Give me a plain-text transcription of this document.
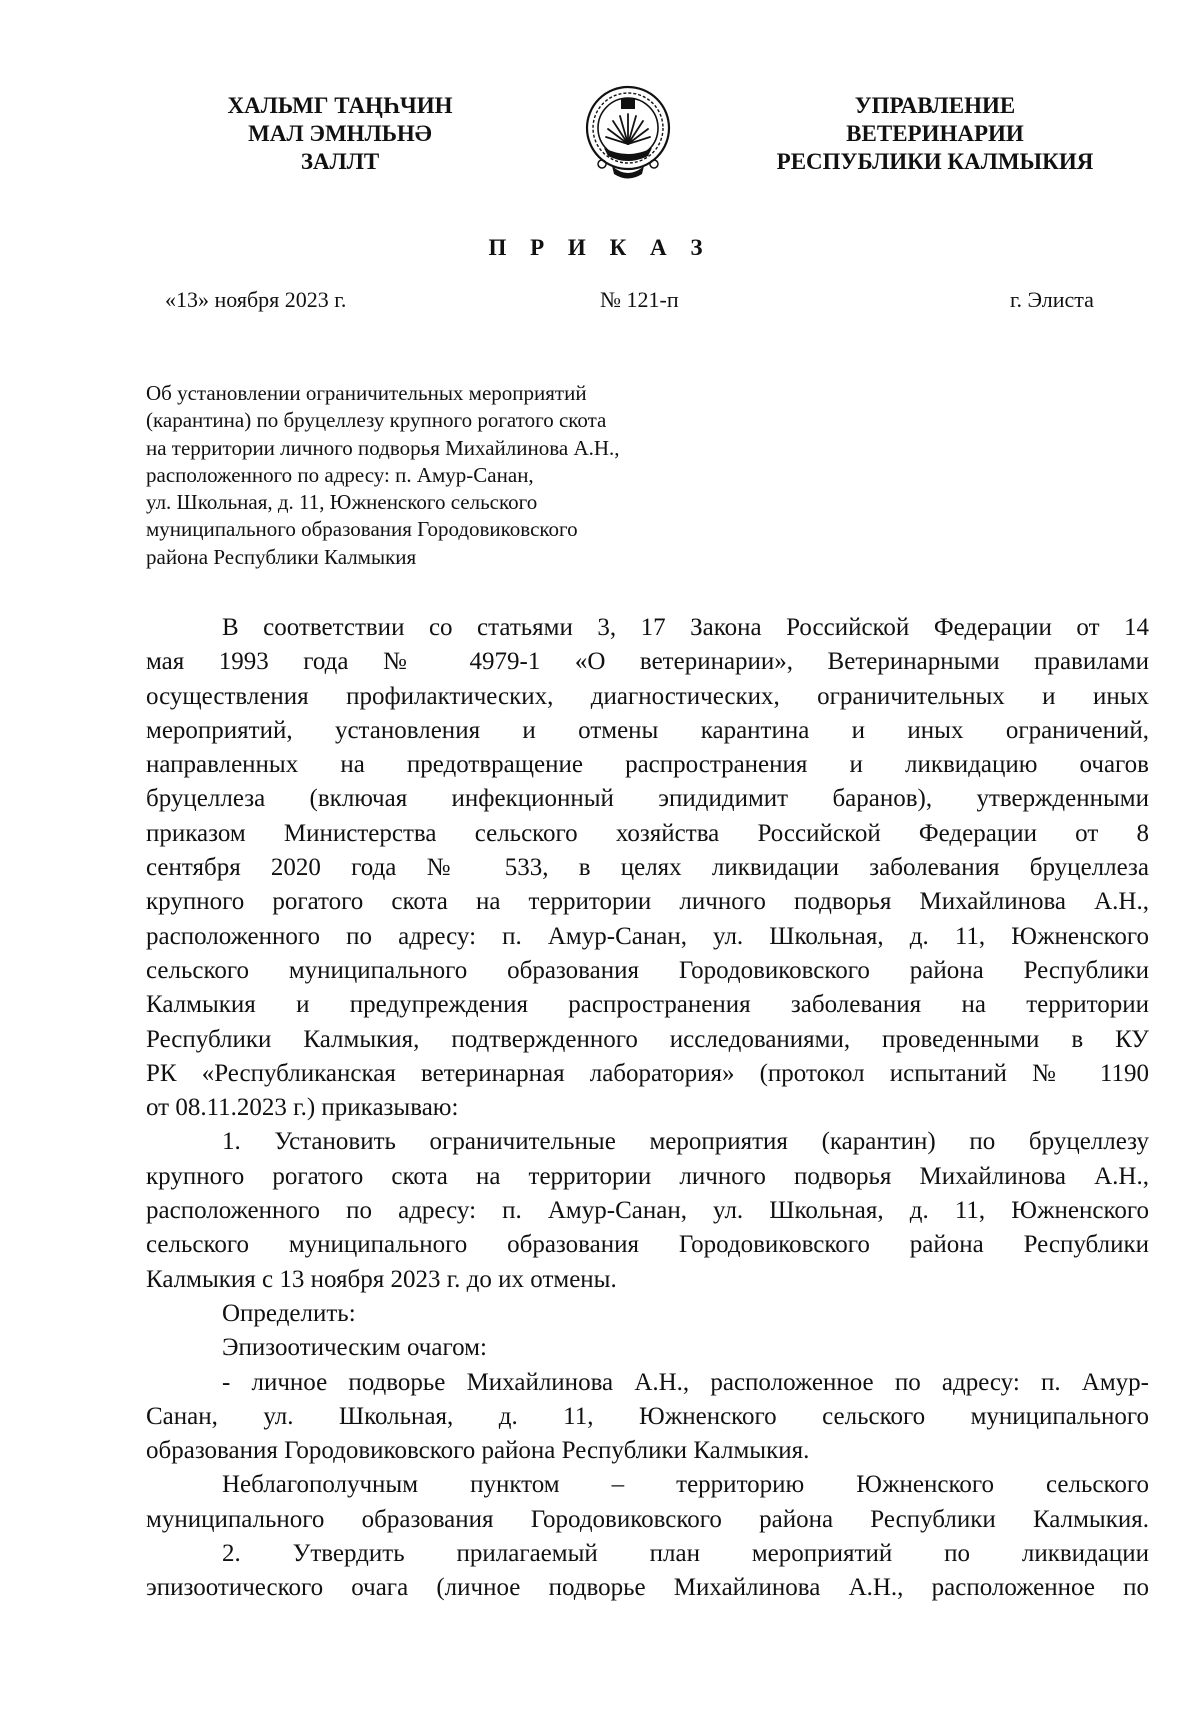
ХАЛЬМГ ТАҢҺЧИН
МАЛ ЭМНЛЬНӘ
ЗАЛЛТ
УПРАВЛЕНИЕ
ВЕТЕРИНАРИИ
РЕСПУБЛИКИ КАЛМЫКИЯ
П Р И К А З
«13» ноября 2023 г.	№ 121-п	г. Элиста
Об установлении ограничительных мероприятий
(карантина) по бруцеллезу крупного рогатого скота
на территории личного подворья Михайлинова А.Н.,
расположенного по адресу: п. Амур-Санан,
ул. Школьная, д. 11, Южненского сельского
муниципального образования Городовиковского
района Республики Калмыкия
В соответствии со статьями 3, 17 Закона Российской Федерации от 14
мая 1993 года № 4979-1 «О ветеринарии», Ветеринарными правилами
осуществления профилактических, диагностических, ограничительных и иных
мероприятий, установления и отмены карантина и иных ограничений,
направленных на предотвращение распространения и ликвидацию очагов
бруцеллеза (включая инфекционный эпидидимит баранов), утвержденными
приказом Министерства сельского хозяйства Российской Федерации от 8
сентября 2020 года № 533, в целях ликвидации заболевания бруцеллеза
крупного рогатого скота на территории личного подворья Михайлинова А.Н.,
расположенного по адресу: п. Амур-Санан, ул. Школьная, д. 11, Южненского
сельского муниципального образования Городовиковского района Республики
Калмыкия и предупреждения распространения заболевания на территории
Республики Калмыкия, подтвержденного исследованиями, проведенными в КУ
РК «Республиканская ветеринарная лаборатория» (протокол испытаний № 1190
от 08.11.2023 г.) приказываю:
1. Установить ограничительные мероприятия (карантин) по бруцеллезу
крупного рогатого скота на территории личного подворья Михайлинова А.Н.,
расположенного по адресу: п. Амур-Санан, ул. Школьная, д. 11, Южненского
сельского муниципального образования Городовиковского района Республики
Калмыкия с 13 ноября 2023 г. до их отмены.
Определить:
Эпизоотическим очагом:
- личное подворье Михайлинова А.Н., расположенное по адресу: п. Амур-
Санан, ул. Школьная, д. 11, Южненского сельского муниципального
образования Городовиковского района Республики Калмыкия.
Неблагополучным пунктом – территорию Южненского сельского
муниципального образования Городовиковского района Республики Калмыкия.
2. Утвердить прилагаемый план мероприятий по ликвидации
эпизоотического очага (личное подворье Михайлинова А.Н., расположенное по
